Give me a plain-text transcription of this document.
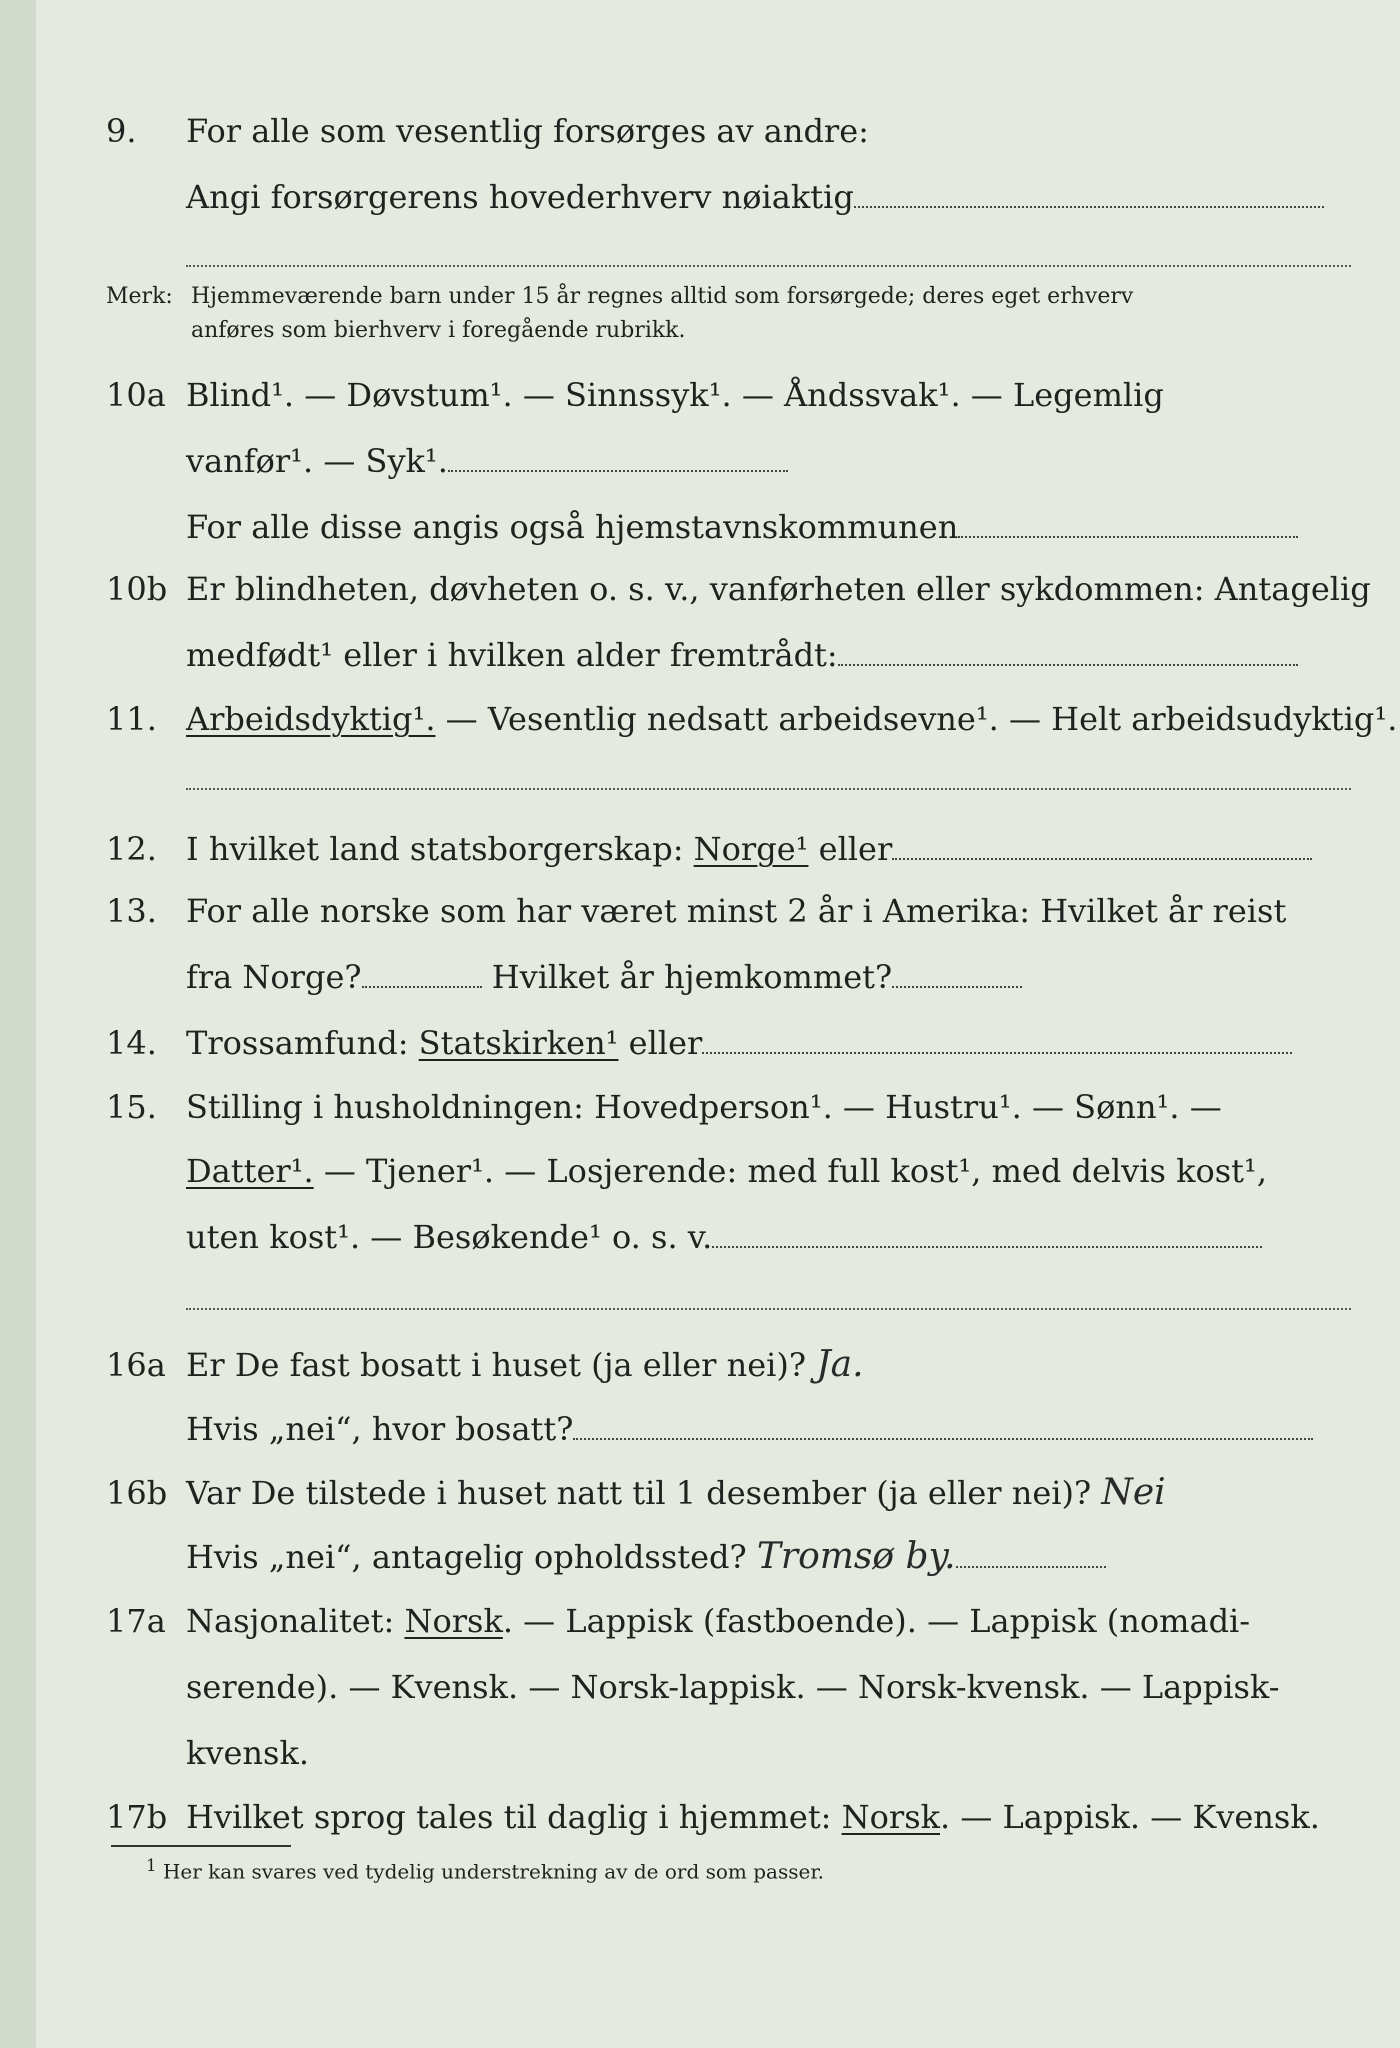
9. For alle som vesentlig forsørges av andre:
Angi forsørgerens hovederhverv nøiaktig
Merk: Hjemmeværende barn under 15 år regnes alltid som forsørgede; deres eget erhverv
anføres som bierhverv i foregående rubrikk.
10a Blind¹. — Døvstum¹. — Sinnssyk¹. — Åndssvak¹. — Legemlig
vanfør¹. — Syk¹.
For alle disse angis også hjemstavnskommunen
10b Er blindheten, døvheten o. s. v., vanførheten eller sykdommen: Antagelig
medfødt¹ eller i hvilken alder fremtrådt:
11. Arbeidsdyktig¹. — Vesentlig nedsatt arbeidsevne¹. — Helt arbeidsudyktig¹.
12. I hvilket land statsborgerskap: Norge¹ eller
13. For alle norske som har været minst 2 år i Amerika: Hvilket år reist
fra Norge?	Hvilket år hjemkommet?
14. Trossamfund: Statskirken¹ eller
15. Stilling i husholdningen: Hovedperson¹. — Hustru¹. — Sønn¹. —
Datter¹. — Tjener¹. — Losjerende: med full kost¹, med delvis kost¹,
uten kost¹. — Besøkende¹ o. s. v.
16a Er De fast bosatt i huset (ja eller nei)? Ja.
Hvis „nei“, hvor bosatt?
16b Var De tilstede i huset natt til 1 desember (ja eller nei)? Nei
Hvis „nei“, antagelig opholdssted? Tromsø by.
17a Nasjonalitet: Norsk. — Lappisk (fastboende). — Lappisk (nomadi-
serende). — Kvensk. — Norsk-lappisk. — Norsk-kvensk. — Lappisk-
kvensk.
17b Hvilket sprog tales til daglig i hjemmet: Norsk. — Lappisk. — Kvensk.
$^1$ Her kan svares ved tydelig understrekning av de ord som passer.
